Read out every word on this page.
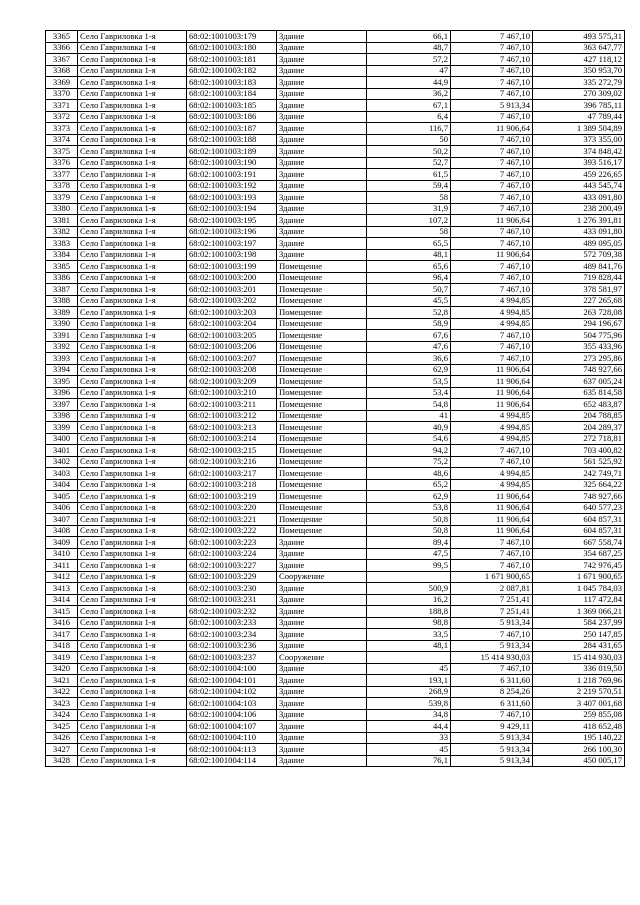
3365	Село Гавриловка 1-я	68:02:1001003:179	Здание	66,1	7 467,10	493 575,31
3366	Село Гавриловка 1-я	68:02:1001003:180	Здание	48,7	7 467,10	363 647,77
3367	Село Гавриловка 1-я	68:02:1001003:181	Здание	57,2	7 467,10	427 118,12
3368	Село Гавриловка 1-я	68:02:1001003:182	Здание	47	7 467,10	350 953,70
3369	Село Гавриловка 1-я	68:02:1001003:183	Здание	44,9	7 467,10	335 272,79
3370	Село Гавриловка 1-я	68:02:1001003:184	Здание	36,2	7 467,10	270 309,02
3371	Село Гавриловка 1-я	68:02:1001003:185	Здание	67,1	5 913,34	396 785,11
3372	Село Гавриловка 1-я	68:02:1001003:186	Здание	6,4	7 467,10	47 789,44
3373	Село Гавриловка 1-я	68:02:1001003:187	Здание	116,7	11 906,64	1 389 504,89
3374	Село Гавриловка 1-я	68:02:1001003:188	Здание	50	7 467,10	373 355,00
3375	Село Гавриловка 1-я	68:02:1001003:189	Здание	50,2	7 467,10	374 848,42
3376	Село Гавриловка 1-я	68:02:1001003:190	Здание	52,7	7 467,10	393 516,17
3377	Село Гавриловка 1-я	68:02:1001003:191	Здание	61,5	7 467,10	459 226,65
3378	Село Гавриловка 1-я	68:02:1001003:192	Здание	59,4	7 467,10	443 545,74
3379	Село Гавриловка 1-я	68:02:1001003:193	Здание	58	7 467,10	433 091,80
3380	Село Гавриловка 1-я	68:02:1001003:194	Здание	31,9	7 467,10	238 200,49
3381	Село Гавриловка 1-я	68:02:1001003:195	Здание	107,2	11 906,64	1 276 391,81
3382	Село Гавриловка 1-я	68:02:1001003:196	Здание	58	7 467,10	433 091,80
3383	Село Гавриловка 1-я	68:02:1001003:197	Здание	65,5	7 467,10	489 095,05
3384	Село Гавриловка 1-я	68:02:1001003:198	Здание	48,1	11 906,64	572 709,38
3385	Село Гавриловка 1-я	68:02:1001003:199	Помещение	65,6	7 467,10	489 841,76
3386	Село Гавриловка 1-я	68:02:1001003:200	Помещение	96,4	7 467,10	719 828,44
3387	Село Гавриловка 1-я	68:02:1001003:201	Помещение	50,7	7 467,10	378 581,97
3388	Село Гавриловка 1-я	68:02:1001003:202	Помещение	45,5	4 994,85	227 265,68
3389	Село Гавриловка 1-я	68:02:1001003:203	Помещение	52,8	4 994,85	263 728,08
3390	Село Гавриловка 1-я	68:02:1001003:204	Помещение	58,9	4 994,85	294 196,67
3391	Село Гавриловка 1-я	68:02:1001003:205	Помещение	67,6	7 467,10	504 775,96
3392	Село Гавриловка 1-я	68:02:1001003:206	Помещение	47,6	7 467,10	355 433,96
3393	Село Гавриловка 1-я	68:02:1001003:207	Помещение	36,6	7 467,10	273 295,86
3394	Село Гавриловка 1-я	68:02:1001003:208	Помещение	62,9	11 906,64	748 927,66
3395	Село Гавриловка 1-я	68:02:1001003:209	Помещение	53,5	11 906,64	637 005,24
3396	Село Гавриловка 1-я	68:02:1001003:210	Помещение	53,4	11 906,64	635 814,58
3397	Село Гавриловка 1-я	68:02:1001003:211	Помещение	54,8	11 906,64	652 483,87
3398	Село Гавриловка 1-я	68:02:1001003:212	Помещение	41	4 994,85	204 788,85
3399	Село Гавриловка 1-я	68:02:1001003:213	Помещение	40,9	4 994,85	204 289,37
3400	Село Гавриловка 1-я	68:02:1001003:214	Помещение	54,6	4 994,85	272 718,81
3401	Село Гавриловка 1-я	68:02:1001003:215	Помещение	94,2	7 467,10	703 400,82
3402	Село Гавриловка 1-я	68:02:1001003:216	Помещение	75,2	7 467,10	561 525,92
3403	Село Гавриловка 1-я	68:02:1001003:217	Помещение	48,6	4 994,85	242 749,71
3404	Село Гавриловка 1-я	68:02:1001003:218	Помещение	65,2	4 994,85	325 664,22
3405	Село Гавриловка 1-я	68:02:1001003:219	Помещение	62,9	11 906,64	748 927,66
3406	Село Гавриловка 1-я	68:02:1001003:220	Помещение	53,8	11 906,64	640 577,23
3407	Село Гавриловка 1-я	68:02:1001003:221	Помещение	50,8	11 906,64	604 857,31
3408	Село Гавриловка 1-я	68:02:1001003:222	Помещение	50,8	11 906,64	604 857,31
3409	Село Гавриловка 1-я	68:02:1001003:223	Здание	89,4	7 467,10	667 558,74
3410	Село Гавриловка 1-я	68:02:1001003:224	Здание	47,5	7 467,10	354 687,25
3411	Село Гавриловка 1-я	68:02:1001003:227	Здание	99,5	7 467,10	742 976,45
3412	Село Гавриловка 1-я	68:02:1001003:229	Сооружение		1 671 900,65	1 671 900,65
3413	Село Гавриловка 1-я	68:02:1001003:230	Здание	500,9	2 087,81	1 045 784,03
3414	Село Гавриловка 1-я	68:02:1001003:231	Здание	16,2	7 251,41	117 472,84
3415	Село Гавриловка 1-я	68:02:1001003:232	Здание	188,8	7 251,41	1 369 066,21
3416	Село Гавриловка 1-я	68:02:1001003:233	Здание	98,8	5 913,34	584 237,99
3417	Село Гавриловка 1-я	68:02:1001003:234	Здание	33,5	7 467,10	250 147,85
3418	Село Гавриловка 1-я	68:02:1001003:236	Здание	48,1	5 913,34	284 431,65
3419	Село Гавриловка 1-я	68:02:1001003:237	Сооружение		15 414 930,03	15 414 930,03
3420	Село Гавриловка 1-я	68:02:1001004:100	Здание	45	7 467,10	336 019,50
3421	Село Гавриловка 1-я	68:02:1001004:101	Здание	193,1	6 311,60	1 218 769,96
3422	Село Гавриловка 1-я	68:02:1001004:102	Здание	268,9	8 254,26	2 219 570,51
3423	Село Гавриловка 1-я	68:02:1001004:103	Здание	539,8	6 311,60	3 407 001,68
3424	Село Гавриловка 1-я	68:02:1001004:106	Здание	34,8	7 467,10	259 855,08
3425	Село Гавриловка 1-я	68:02:1001004:107	Здание	44,4	9 429,11	418 652,48
3426	Село Гавриловка 1-я	68:02:1001004:110	Здание	33	5 913,34	195 140,22
3427	Село Гавриловка 1-я	68:02:1001004:113	Здание	45	5 913,34	266 100,30
3428	Село Гавриловка 1-я	68:02:1001004:114	Здание	76,1	5 913,34	450 005,17
